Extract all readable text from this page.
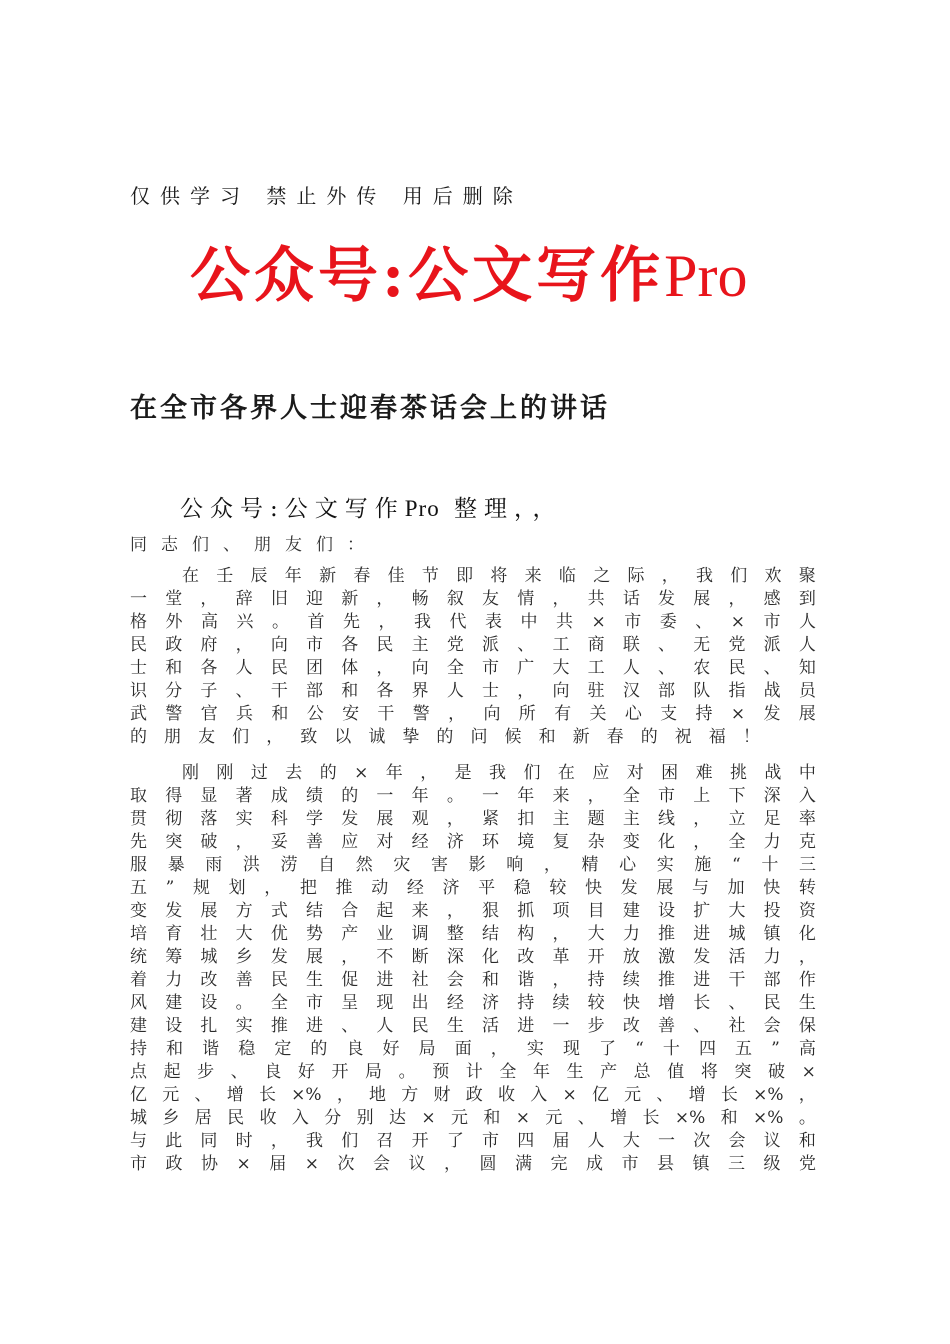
仅供学习 禁止外传 用后删除
公众号:公文写作Pro
在全市各界人士迎春茶话会上的讲话
公众号:公文写作Pro 整理，，
同志们、朋友们：
在 壬 辰 年 新 春 佳 节 即 将 来 临 之 际 ， 我 们 欢 聚
一 堂 ， 辞 旧 迎 新 ， 畅 叙 友 情 ， 共 话 发 展 ， 感 到
格 外 高 兴 。 首 先 ， 我 代 表 中 共 × 市 委 、 × 市 人
民 政 府 ， 向 市 各 民 主 党 派 、 工 商 联 、 无 党 派 人
士 和 各 人 民 团 体 ， 向 全 市 广 大 工 人 、 农 民 、 知
识 分 子 、 干 部 和 各 界 人 士 ， 向 驻 汉 部 队 指 战 员
武 警 官 兵 和 公 安 干 警 ， 向 所 有 关 心 支 持 × 发 展
的 朋 友 们 ， 致 以 诚 挚 的 问 候 和 新 春 的 祝 福 ！
刚 刚 过 去 的 × 年 ， 是 我 们 在 应 对 困 难 挑 战 中
取 得 显 著 成 绩 的 一 年 。 一 年 来 ， 全 市 上 下 深 入
贯 彻 落 实 科 学 发 展 观 ， 紧 扣 主 题 主 线 ， 立 足 率
先 突 破 ， 妥 善 应 对 经 济 环 境 复 杂 变 化 ， 全 力 克
服 暴 雨 洪 涝 自 然 灾 害 影 响 ， 精 心 实 施 “ 十 三
五 ” 规 划 ， 把 推 动 经 济 平 稳 较 快 发 展 与 加 快 转
变 发 展 方 式 结 合 起 来 ， 狠 抓 项 目 建 设 扩 大 投 资
培 育 壮 大 优 势 产 业 调 整 结 构 ， 大 力 推 进 城 镇 化
统 筹 城 乡 发 展 ， 不 断 深 化 改 革 开 放 激 发 活 力 ，
着 力 改 善 民 生 促 进 社 会 和 谐 ， 持 续 推 进 干 部 作
风 建 设 。 全 市 呈 现 出 经 济 持 续 较 快 增 长 、 民 生
建 设 扎 实 推 进 、 人 民 生 活 进 一 步 改 善 、 社 会 保
持 和 谐 稳 定 的 良 好 局 面 ， 实 现 了 “ 十 四 五 ” 高
点 起 步 、 良 好 开 局 。 预 计 全 年 生 产 总 值 将 突 破 ×
亿 元 、 增 长 ×% ， 地 方 财 政 收 入 × 亿 元 、 增 长 ×% ，
城 乡 居 民 收 入 分 别 达 × 元 和 × 元 、 增 长 ×% 和 ×% 。
与 此 同 时 ， 我 们 召 开 了 市 四 届 人 大 一 次 会 议 和
市 政 协 × 届 × 次 会 议 ， 圆 满 完 成 市 县 镇 三 级 党
